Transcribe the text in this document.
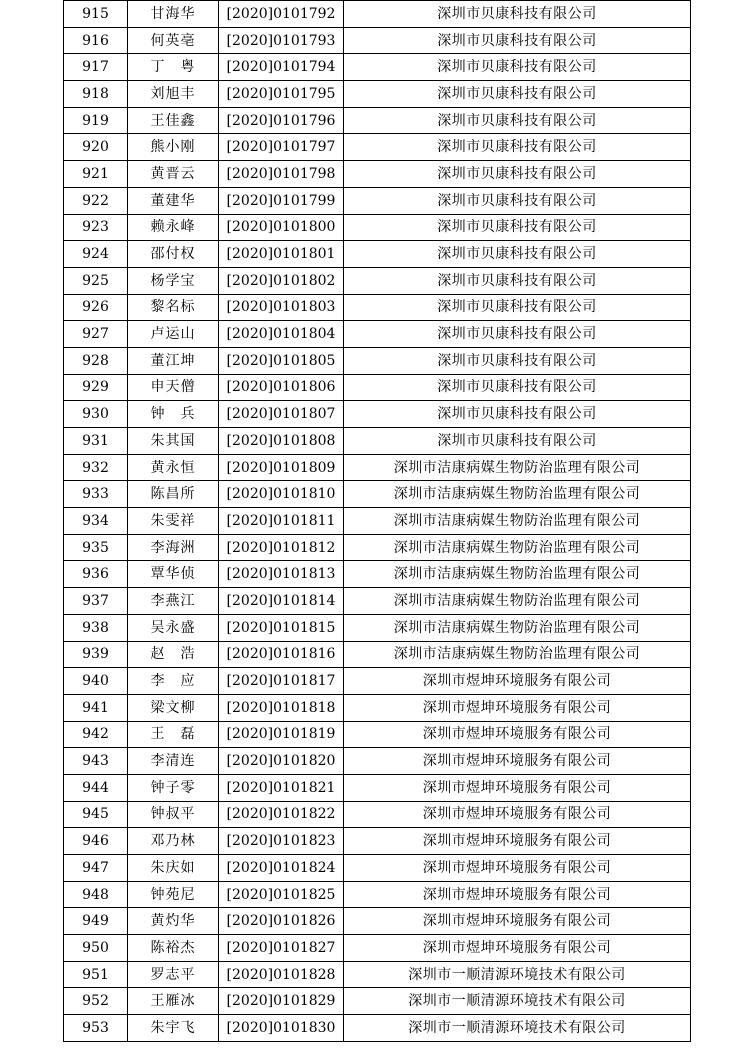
915	甘海华	[2020]0101792	深圳市贝康科技有限公司
916	何英亳	[2020]0101793	深圳市贝康科技有限公司
917	丁　粤	[2020]0101794	深圳市贝康科技有限公司
918	刘旭丰	[2020]0101795	深圳市贝康科技有限公司
919	王佳鑫	[2020]0101796	深圳市贝康科技有限公司
920	熊小刚	[2020]0101797	深圳市贝康科技有限公司
921	黄晋云	[2020]0101798	深圳市贝康科技有限公司
922	董建华	[2020]0101799	深圳市贝康科技有限公司
923	赖永峰	[2020]0101800	深圳市贝康科技有限公司
924	邵付权	[2020]0101801	深圳市贝康科技有限公司
925	杨学宝	[2020]0101802	深圳市贝康科技有限公司
926	黎名标	[2020]0101803	深圳市贝康科技有限公司
927	卢运山	[2020]0101804	深圳市贝康科技有限公司
928	董江坤	[2020]0101805	深圳市贝康科技有限公司
929	申天僧	[2020]0101806	深圳市贝康科技有限公司
930	钟　兵	[2020]0101807	深圳市贝康科技有限公司
931	朱其国	[2020]0101808	深圳市贝康科技有限公司
932	黄永恒	[2020]0101809	深圳市洁康病媒生物防治监理有限公司
933	陈昌所	[2020]0101810	深圳市洁康病媒生物防治监理有限公司
934	朱雯祥	[2020]0101811	深圳市洁康病媒生物防治监理有限公司
935	李海洲	[2020]0101812	深圳市洁康病媒生物防治监理有限公司
936	覃华侦	[2020]0101813	深圳市洁康病媒生物防治监理有限公司
937	李燕江	[2020]0101814	深圳市洁康病媒生物防治监理有限公司
938	吴永盛	[2020]0101815	深圳市洁康病媒生物防治监理有限公司
939	赵　浩	[2020]0101816	深圳市洁康病媒生物防治监理有限公司
940	李　应	[2020]0101817	深圳市煜坤环境服务有限公司
941	梁文柳	[2020]0101818	深圳市煜坤环境服务有限公司
942	王　磊	[2020]0101819	深圳市煜坤环境服务有限公司
943	李清连	[2020]0101820	深圳市煜坤环境服务有限公司
944	钟子零	[2020]0101821	深圳市煜坤环境服务有限公司
945	钟叔平	[2020]0101822	深圳市煜坤环境服务有限公司
946	邓乃林	[2020]0101823	深圳市煜坤环境服务有限公司
947	朱庆如	[2020]0101824	深圳市煜坤环境服务有限公司
948	钟苑尼	[2020]0101825	深圳市煜坤环境服务有限公司
949	黄灼华	[2020]0101826	深圳市煜坤环境服务有限公司
950	陈裕杰	[2020]0101827	深圳市煜坤环境服务有限公司
951	罗志平	[2020]0101828	深圳市一顺清源环境技术有限公司
952	王雁冰	[2020]0101829	深圳市一顺清源环境技术有限公司
953	朱宇飞	[2020]0101830	深圳市一顺清源环境技术有限公司
